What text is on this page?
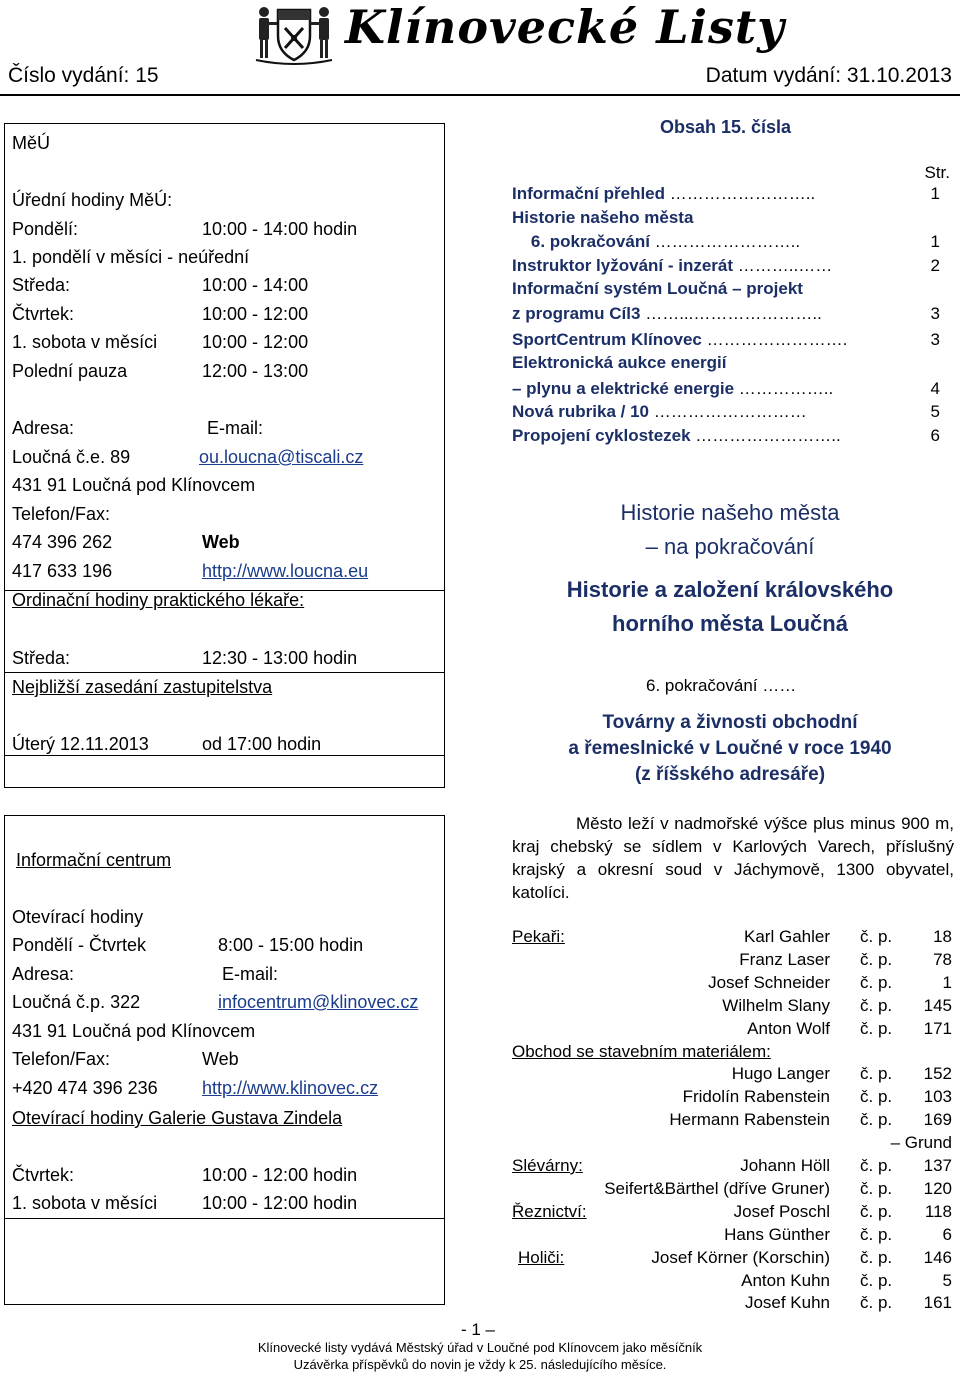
Klínovecké Listy
Číslo vydání: 15	Datum vydání: 31.10.2013
MěÚ
Úřední hodiny MěÚ:
Pondělí:	10:00 - 14:00 hodin
1. pondělí v měsíci - neúřední
Středa:	10:00 - 14:00
Čtvrtek:	10:00 - 12:00
1. sobota v měsíci 10:00 - 12:00
Polední pauza	12:00 - 13:00
Adresa:	E-mail:
Loučná č.e. 89	ou.loucna@tiscali.cz
431 91 Loučná pod Klínovcem
Telefon/Fax:
474 396 262	Web
417 633 196	http://www.loucna.eu
Ordinační hodiny praktického lékaře:
Středa:	12:30 - 13:00 hodin
Nejbližší zasedání zastupitelstva
Úterý 12.11.2013	od 17:00 hodin
Informační centrum
Otevírací hodiny
Pondělí - Čtvrtek	8:00 - 15:00 hodin
Adresa:	E-mail:
Loučná č.p. 322	infocentrum@klinovec.cz
431 91 Loučná pod Klínovcem
Telefon/Fax:	Web
+420 474 396 236 http://www.klinovec.cz
Otevírací hodiny Galerie Gustava Zindela
Čtvrtek:	10:00 - 12:00 hodin
1. sobota v měsíci 10:00 - 12:00 hodin
Obsah 15. čísla
Str.
Informační přehled ……………………..	1
Historie našeho města
6. pokračování ……………………..	1
Instruktor lyžování - inzerát ………..……	2
Informační systém Loučná – projekt
z programu Cíl3 ……...…………………..	3
SportCentrum Klínovec …………………….	3
Elektronická aukce energií
– plynu a elektrické energie ……………..	4
Nová rubrika / 10 ………………………	5
Propojení cyklostezek ……………………..	6
Historie našeho města
– na pokračování
Historie a založení královského
horního města Loučná
6. pokračování ……
Továrny a živnosti obchodní
a řemeslnické v Loučné v roce 1940
(z říšského adresáře)
Město leží v nadmořské výšce plus minus 900 m, kraj chebský se sídlem v Karlových Varech, příslušný krajský a okresní soud v Jáchymově, 1300 obyvatel, katolíci.
Pekaři:	Karl Gahler č. p. 18
Franz Laser č. p. 78
Josef Schneider č. p.	1
Wilhelm Slany č. p. 145
Anton Wolf č. p. 171
Obchod se stavebním materiálem:
Hugo Langer č. p. 152
Fridolín Rabenstein č. p. 103
Hermann Rabenstein č. p. 169
– Grund
Slévárny:	Johann Höll č. p. 137
Seifert&Bärthel (dříve Gruner) č. p. 120
Řeznictví:	Josef Poschl č. p. 118
Hans Günther č. p.	6
Holiči:	Josef Körner (Korschin) č. p. 146
Anton Kuhn č. p.	5
Josef Kuhn č. p. 161
- 1 –
Klínovecké listy vydává Městský úřad v Loučné pod Klínovcem jako měsíčník
Uzávěrka příspěvků do novin je vždy k 25. následujícího měsíce.
